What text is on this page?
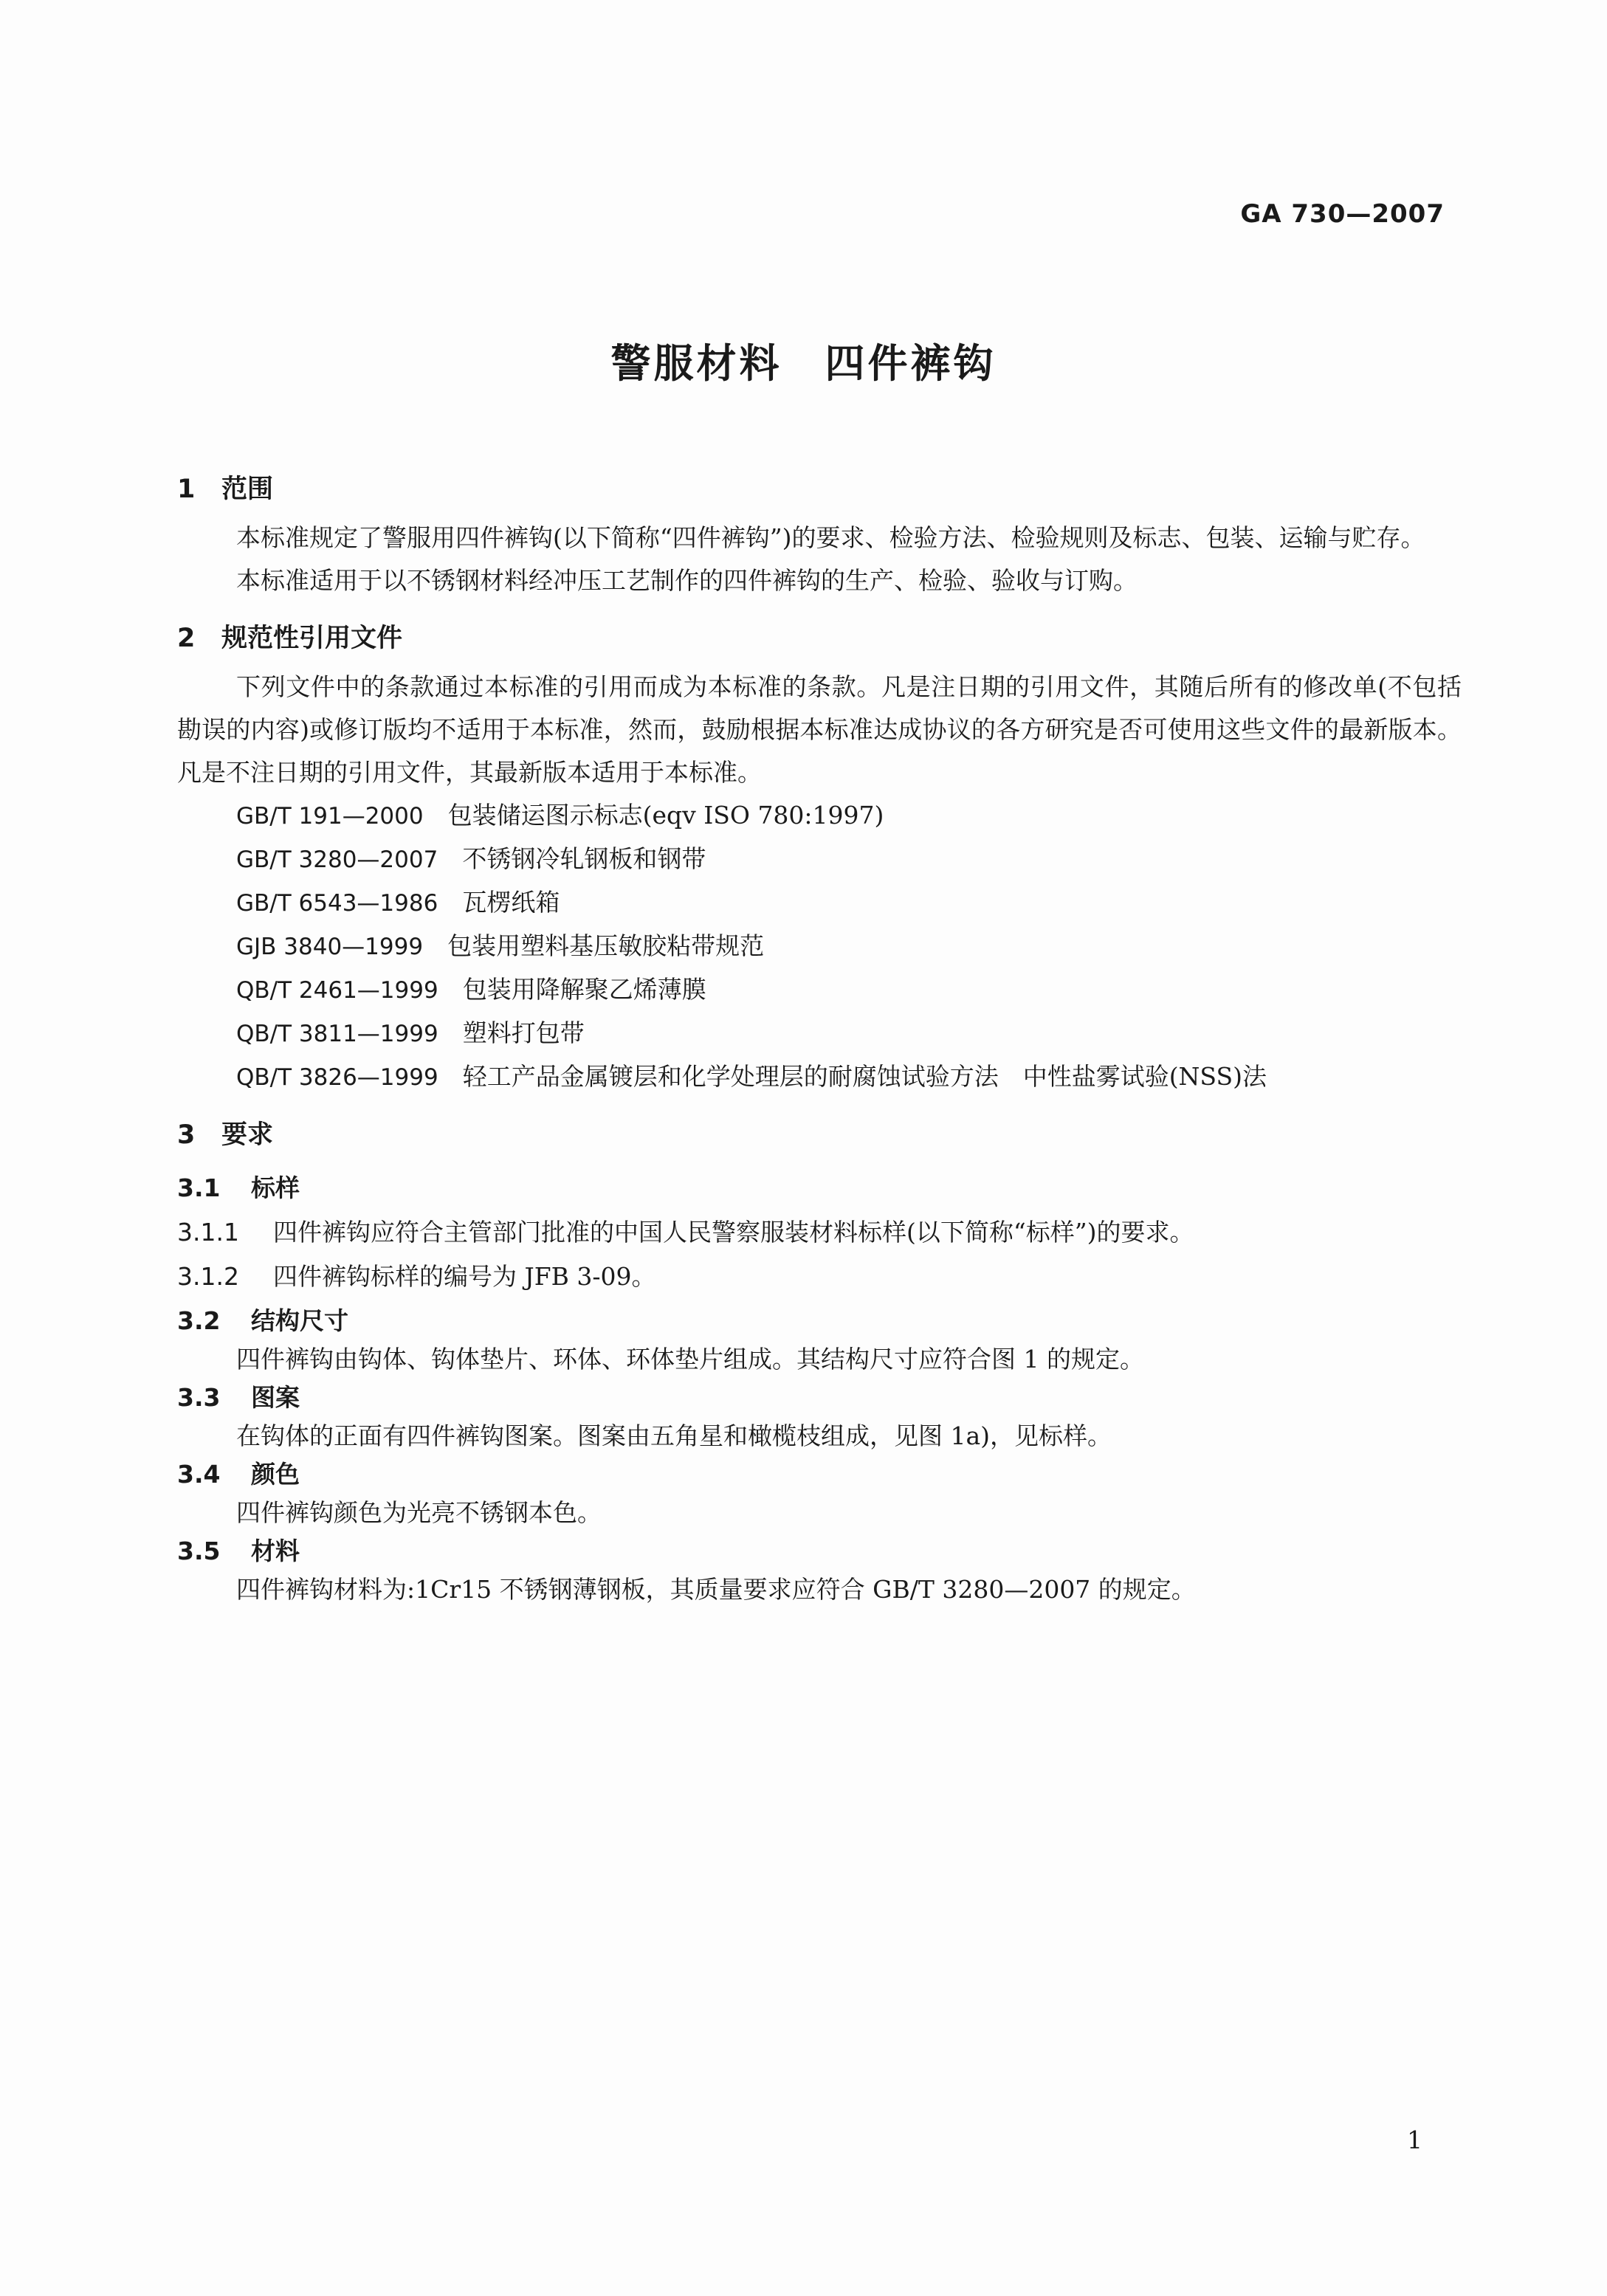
GA 730—2007
警服材料　四件裤钩
1 范围

本标准规定了警服用四件裤钩(以下简称“四件裤钩”)的要求、检验方法、检验规则及标志、包装、运输与贮存。

本标准适用于以不锈钢材料经冲压工艺制作的四件裤钩的生产、检验、验收与订购。

2 规范性引用文件

下列文件中的条款通过本标准的引用而成为本标准的条款。凡是注日期的引用文件，其随后所有的修改单(不包括勘误的内容)或修订版均不适用于本标准，然而，鼓励根据本标准达成协议的各方研究是否可使用这些文件的最新版本。凡是不注日期的引用文件，其最新版本适用于本标准。

GB/T 191—2000　 包装储运图示标志(eqv ISO 780:1997)
GB/T 3280—2007　 不锈钢冷轧钢板和钢带
GB/T 6543—1986　 瓦楞纸箱
GJB 3840—1999　 包装用塑料基压敏胶粘带规范
QB/T 2461—1999　 包装用降解聚乙烯薄膜
QB/T 3811—1999　 塑料打包带
QB/T 3826—1999　 轻工产品金属镀层和化学处理层的耐腐蚀试验方法　中性盐雾试验(NSS)法
3 要求
3.1 标样
3.1.1 四件裤钩应符合主管部门批准的中国人民警察服装材料标样(以下简称“标样”)的要求。
3.1.2 四件裤钩标样的编号为 JFB 3-09。
3.2 结构尺寸

四件裤钩由钩体、钩体垫片、环体、环体垫片组成。其结构尺寸应符合图 1 的规定。

3.3 图案

在钩体的正面有四件裤钩图案。图案由五角星和橄榄枝组成，见图 1a)，见标样。

3.4 颜色

四件裤钩颜色为光亮不锈钢本色。

3.5 材料

四件裤钩材料为:1Cr15 不锈钢薄钢板，其质量要求应符合 GB/T 3280—2007 的规定。

1
